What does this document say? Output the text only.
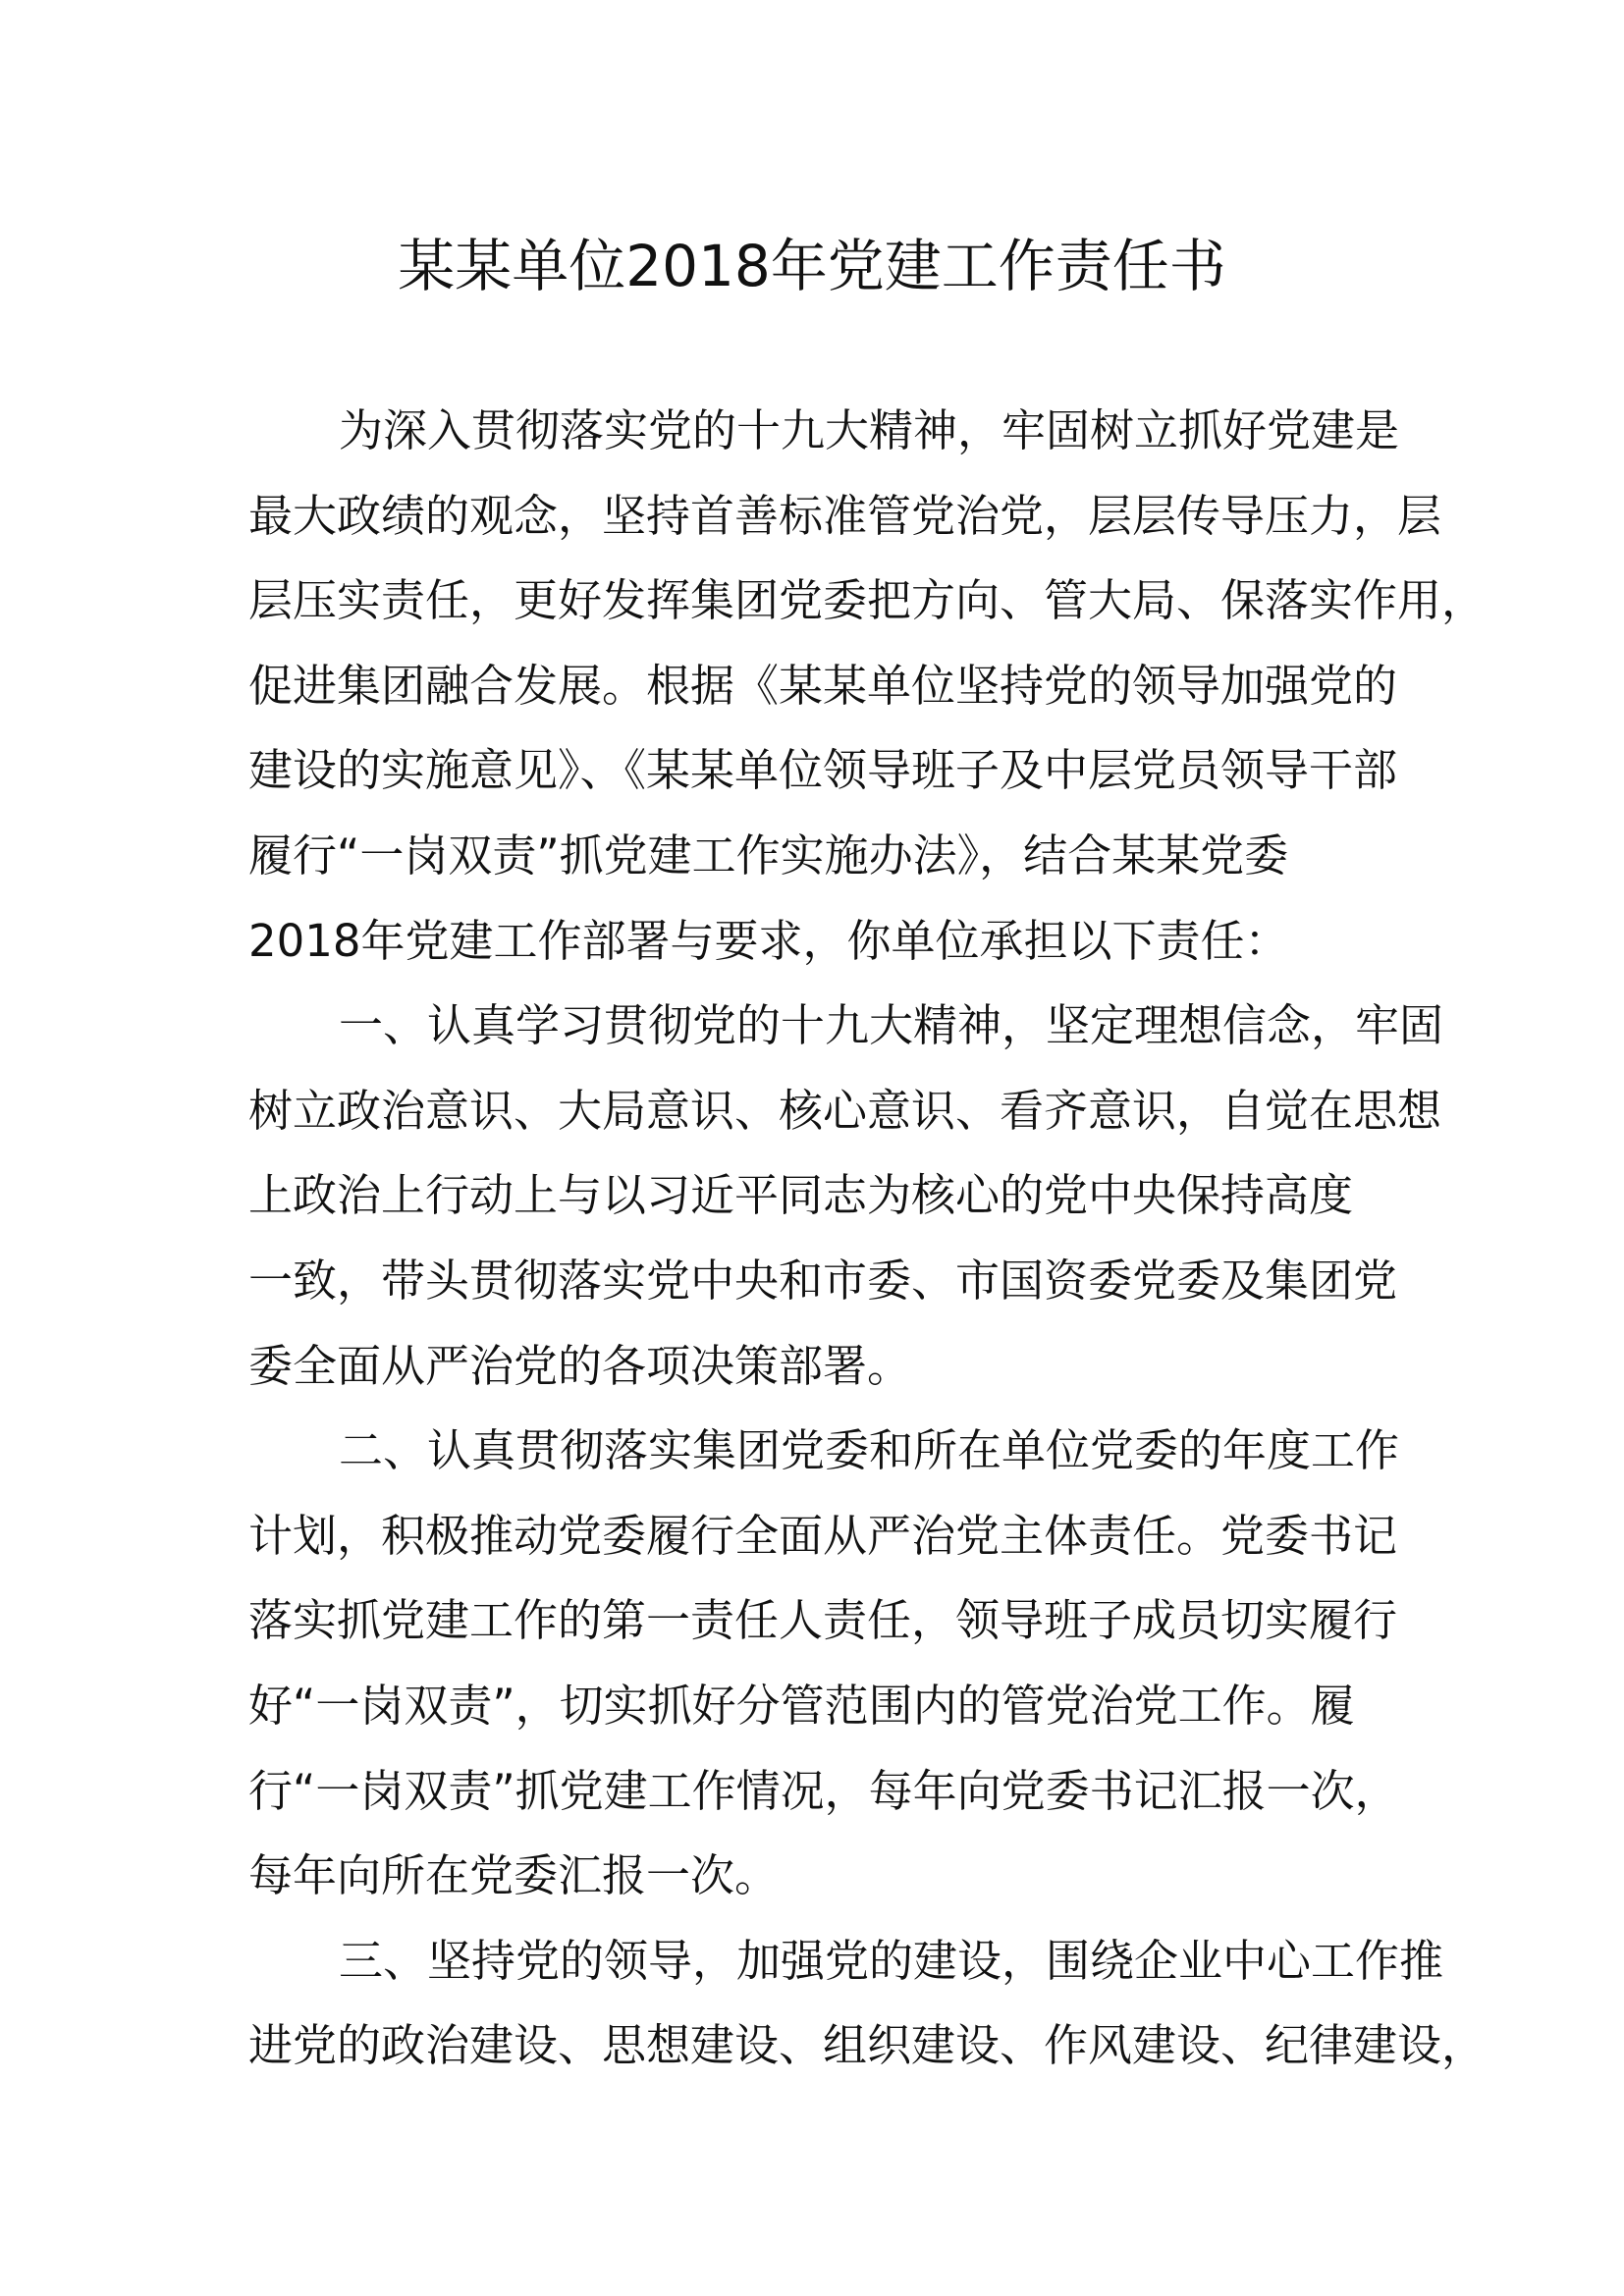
某某单位2018年党建工作责任书
为深入贯彻落实党的十九大精神，牢固树立抓好党建是
最大政绩的观念，坚持首善标准管党治党，层层传导压力，层
层压实责任，更好发挥集团党委把方向、管大局、保落实作用，
促进集团融合发展。根据《某某单位坚持党的领导加强党的
建设的实施意见》、《某某单位领导班子及中层党员领导干部
履行“一岗双责”抓党建工作实施办法》，结合某某党委
2018年党建工作部署与要求，你单位承担以下责任：
一、认真学习贯彻党的十九大精神，坚定理想信念，牢固
树立政治意识、大局意识、核心意识、看齐意识，自觉在思想
上政治上行动上与以习近平同志为核心的党中央保持高度
一致，带头贯彻落实党中央和市委、市国资委党委及集团党
委全面从严治党的各项决策部署。
二、认真贯彻落实集团党委和所在单位党委的年度工作
计划，积极推动党委履行全面从严治党主体责任。党委书记
落实抓党建工作的第一责任人责任，领导班子成员切实履行
好“一岗双责”，切实抓好分管范围内的管党治党工作。履
行“一岗双责”抓党建工作情况，每年向党委书记汇报一次，
每年向所在党委汇报一次。
三、坚持党的领导，加强党的建设，围绕企业中心工作推
进党的政治建设、思想建设、组织建设、作风建设、纪律建设，
